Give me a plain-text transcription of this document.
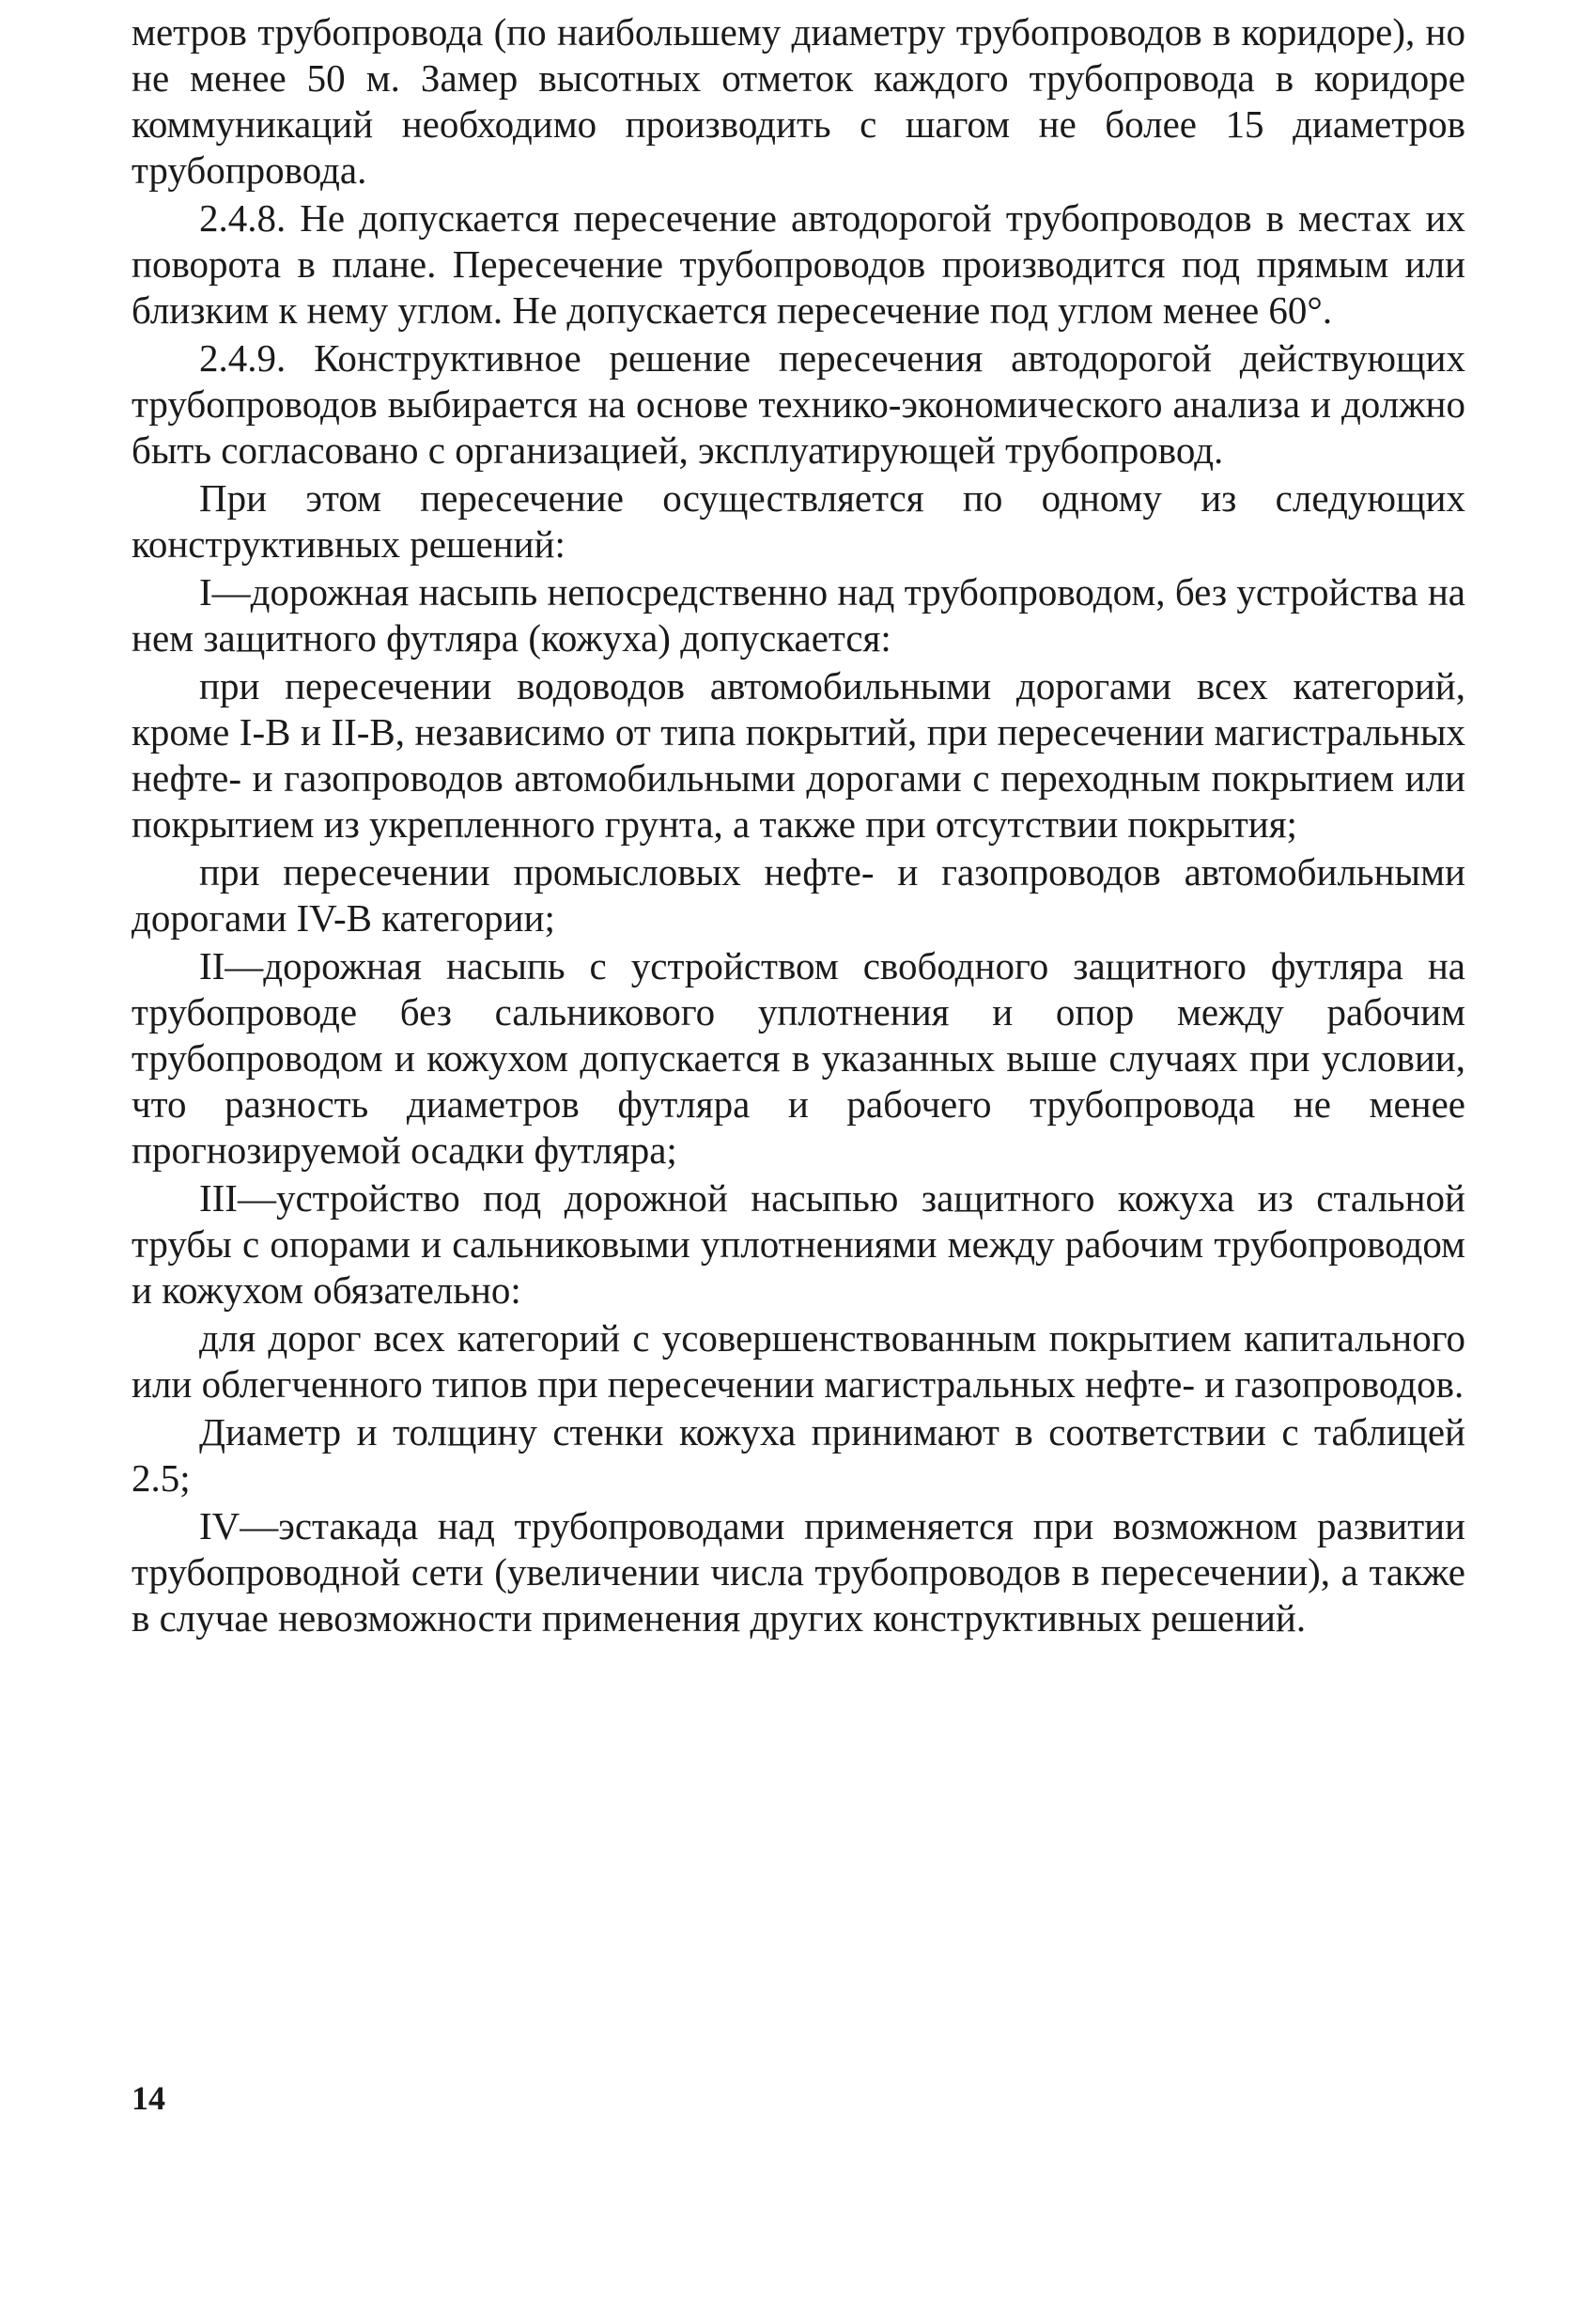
метров трубопровода (по наибольшему диаметру трубопроводов в коридоре), но не менее 50 м. Замер высотных отметок каждого трубопровода в коридоре коммуникаций необходимо производить с шагом не более 15 диаметров трубопровода.

2.4.8. Не допускается пересечение автодорогой трубопроводов в местах их поворота в плане. Пересечение трубопроводов производится под прямым или близким к нему углом. Не допускается пересечение под углом менее 60°.

2.4.9. Конструктивное решение пересечения автодорогой действующих трубопроводов выбирается на основе технико-экономического анализа и должно быть согласовано с организацией, эксплуатирующей трубопровод.

При этом пересечение осуществляется по одному из следующих конструктивных решений:

I—дорожная насыпь непосредственно над трубопроводом, без устройства на нем защитного футляра (кожуха) допускается:

при пересечении водоводов автомобильными дорогами всех категорий, кроме I-В и II-В, независимо от типа покрытий, при пересечении магистральных нефте- и газопроводов автомобильными дорогами с переходным покрытием или покрытием из укрепленного грунта, а также при отсутствии покрытия;

при пересечении промысловых нефте- и газопроводов автомобильными дорогами IV-В категории;

II—дорожная насыпь с устройством свободного защитного футляра на трубопроводе без сальникового уплотнения и опор между рабочим трубопроводом и кожухом допускается в указанных выше случаях при условии, что разность диаметров футляра и рабочего трубопровода не менее прогнозируемой осадки футляра;

III—устройство под дорожной насыпью защитного кожуха из стальной трубы с опорами и сальниковыми уплотнениями между рабочим трубопроводом и кожухом обязательно:

для дорог всех категорий с усовершенствованным покрытием капитального или облегченного типов при пересечении магистральных нефте- и газопроводов.

Диаметр и толщину стенки кожуха принимают в соответствии с таблицей 2.5;

IV—эстакада над трубопроводами применяется при возможном развитии трубопроводной сети (увеличении числа трубопроводов в пересечении), а также в случае невозможности применения других конструктивных решений.

14
